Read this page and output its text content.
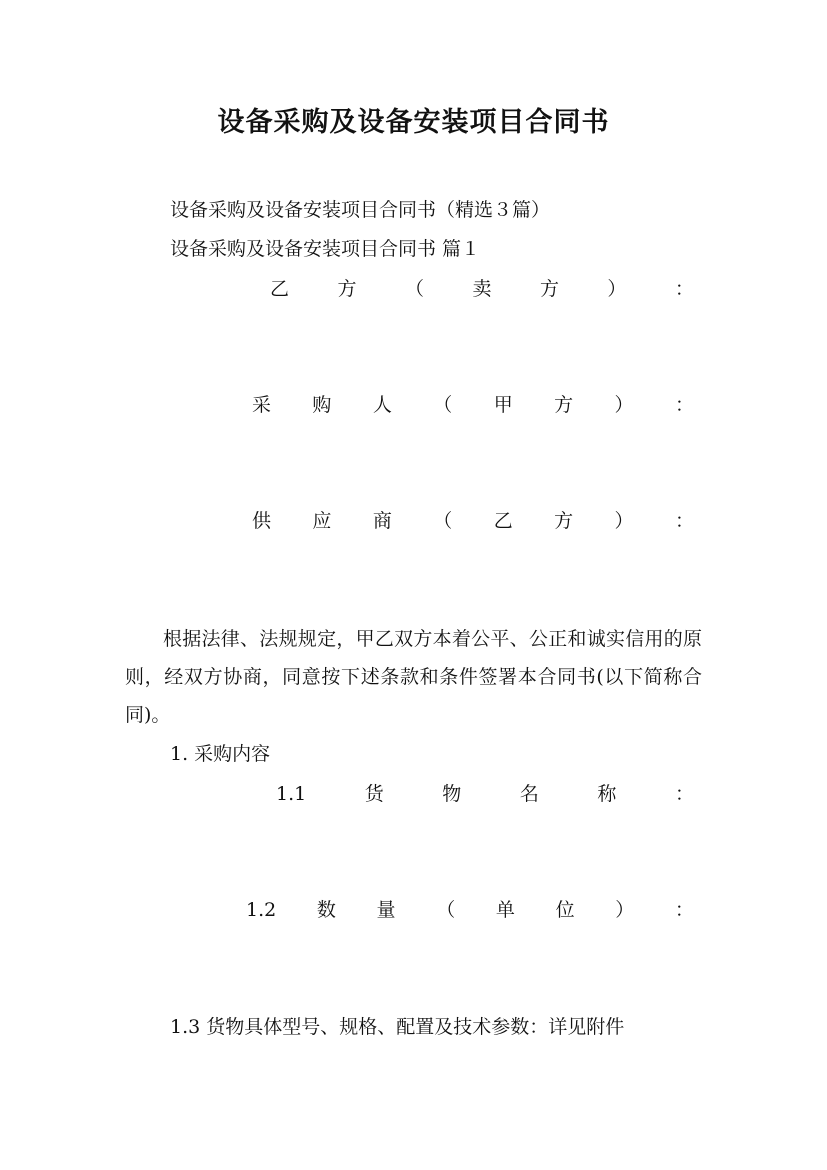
设备采购及设备安装项目合同书
设备采购及设备安装项目合同书（精选３篇）
设备采购及设备安装项目合同书 篇１
乙	方	（	卖	方	）	：
采 购 人 （ 甲 方 ） ：
供 应 商 （ 乙 方 ） ：
根据法律、法规规定，甲乙双方本着公平、公正和诚实信用的原则，经双方协商，同意按下述条款和条件签署本合同书(以下简称合同)。
1. 采购内容
1.1	货	物	名	称	：
1.2 数 量 （ 单 位 ） ：
1.3 货物具体型号、规格、配置及技术参数：详见附件
